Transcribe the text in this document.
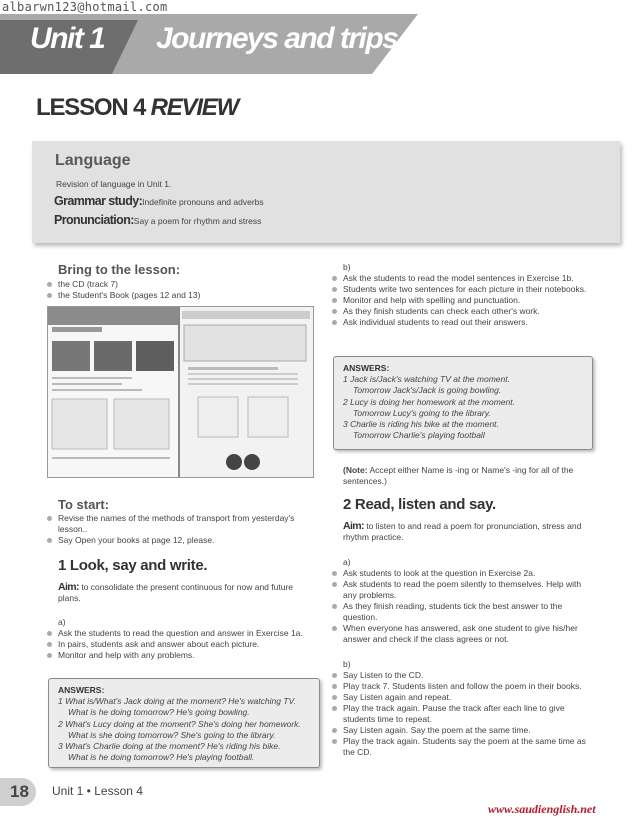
albarwn123@hotmail.com
Unit 1 Journeys and trips
LESSON 4 REVIEW
Language
Revision of language in Unit 1.
Grammar study:Indefinite pronouns and adverbs
Pronunciation:Say a poem for rhythm and stress
Bring to the lesson:
the CD (track 7)
the Student's Book (pages 12 and 13)
To start:
Revise the names of the methods of transport from yesterday's lesson..
Say Open your books at page 12, please.
1 Look, say and write.
Aim: to consolidate the present continuous for now and future plans.
a)
Ask the students to read the question and answer in Exercise 1a.
In pairs, students ask and answer about each picture.
Monitor and help with any problems.
ANSWERS:
1 What is/What's Jack doing at the moment? He's watching TV.
What is he doing tomorrow? He's going bowling.
2 What's Lucy doing at the moment? She's doing her homework.
What is she doing tomorrow? She's going to the library.
3 What's Charlie doing at the moment? He's riding his bike.
What is he doing tomorrow? He's playing football.
b)
Ask the students to read the model sentences in Exercise 1b.
Students write two sentences for each picture in their notebooks.
Monitor and help with spelling and punctuation.
As they finish students can check each other's work.
Ask individual students to read out their answers.
ANSWERS:
1 Jack is/Jack's watching TV at the moment.
Tomorrow Jack's/Jack is going bowling.
2 Lucy is doing her homework at the moment.
Tomorrow Lucy's going to the library.
3 Charlie is riding his bike at the moment.
Tomorrow Charlie's playing football
(Note: Accept either Name is -ing or Name's -ing for all of the sentences.)
2 Read, listen and say.
Aim: to listen to and read a poem for pronunciation, stress and rhythm practice.
a)
Ask students to look at the question in Exercise 2a.
Ask students to read the poem silently to themselves. Help with any problems.
As they finish reading, students tick the best answer to the question.
When everyone has answered, ask one student to give his/her answer and check if the class agrees or not.
b)
Say Listen to the CD.
Play track 7. Students listen and follow the poem in their books.
Say Listen again and repeat.
Play the track again. Pause the track after each line to give students time to repeat.
Say Listen again. Say the poem at the same time.
Play the track again. Students say the poem at the same time as the CD.
18 Unit 1 • Lesson 4
www.saudienglish.net
